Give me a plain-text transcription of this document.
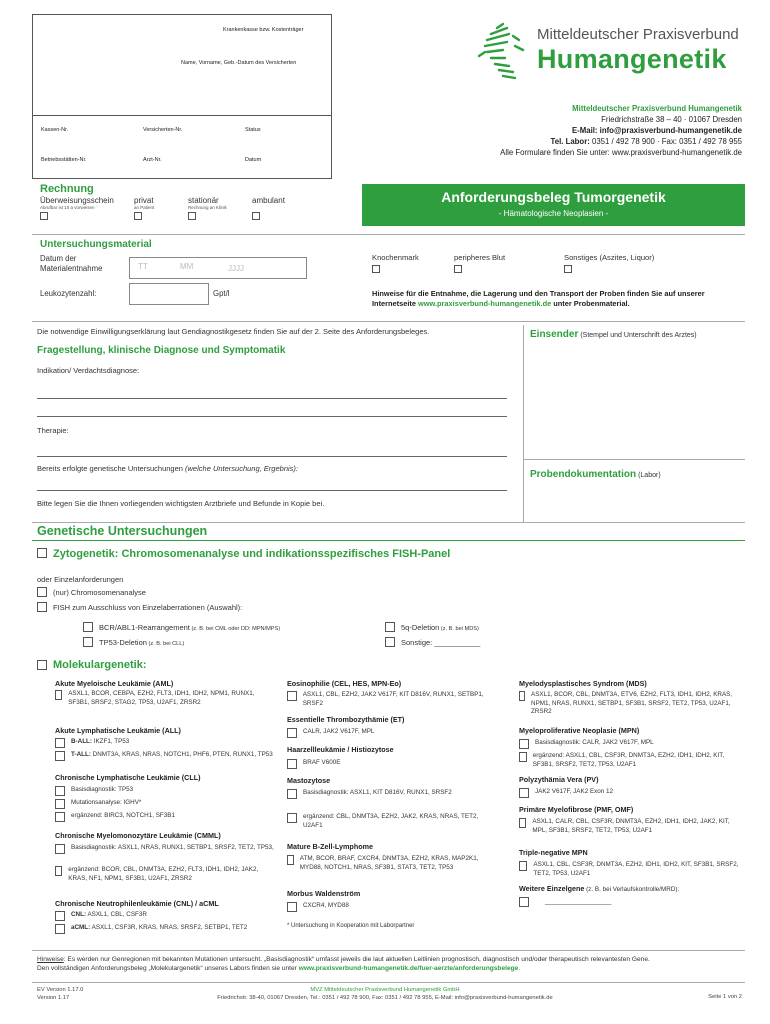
Krankenkasse bzw. Kostenträger
Name, Vorname, Geb.-Datum des Versicherten
Kassen-Nr.	Versicherten-Nr.	Status
Betriebsstätten-Nr.	Arzt-Nr.	Datum
Mitteldeutscher Praxisverbund
Humangenetik
Mitteldeutscher Praxisverbund Humangenetik
Friedrichstraße 38 – 40 · 01067 Dresden
E-Mail: info@praxisverbund-humangenetik.de
Tel. Labor: 0351 / 492 78 900 · Fax: 0351 / 492 78 955
Alle Formulare finden Sie unter: www.praxisverbund-humangenetik.de
Rechnung
Überweisungsschein
Abrufbar ist 10 a vorweisen
privat
an Patient
stationär
Rechnung an Klinik
ambulant	Anforderungsbeleg Tumorgenetik
- Hämatologische Neoplasien -
Untersuchungsmaterial
Datum der
Materialentnahme	TT	MM	JJJJ
Leukozytenzahl:	Gpt/l
Knochenmark	peripheres Blut	Sonstiges (Aszites, Liquor)
Hinweise für die Entnahme, die Lagerung und den Transport der Proben finden Sie auf unserer Internetseite www.praxisverbund-humangenetik.de unter Probenmaterial.
Die notwendige Einwilligungserklärung laut Gendiagnostikgesetz finden Sie auf der 2. Seite des Anforderungsbeleges.	Einsender (Stempel und Unterschrift des Arztes)
Probendokumentation (Labor)
Fragestellung, klinische Diagnose und Symptomatik
Indikation/ Verdachtsdiagnose:
Therapie:
Bereits erfolgte genetische Untersuchungen (welche Untersuchung, Ergebnis):
Bitte legen Sie die Ihnen vorliegenden wichtigsten Arztbriefe und Befunde in Kopie bei.
Genetische Untersuchungen
Zytogenetik: Chromosomenanalyse und indikationsspezifisches FISH-Panel
oder Einzelanforderungen
(nur) Chromosomenanalyse
FISH zum Ausschluss von Einzelaberrationen (Auswahl):
BCR/ABL1-Rearrangement (z. B. bei CML oder DD: MPN/MPS)
TP53-Deletion (z. B. bei CLL)
5q-Deletion (z. B. bei MDS)
Sonstige: ___________
Molekulargenetik:
Akute Myeloische Leukämie (AML)
ASXL1, BCOR, CEBPA, EZH2, FLT3, IDH1, IDH2, NPM1, RUNX1, SF3B1, SRSF2, STAG2, TP53, U2AF1, ZRSR2
Akute Lymphatische Leukämie (ALL)
B-ALL: IKZF1, TP53
T-ALL: DNMT3A, KRAS, NRAS, NOTCH1, PHF6, PTEN, RUNX1, TP53
Chronische Lymphatische Leukämie (CLL)
Basisdiagnostik: TP53
Mutationsanalyse: IGHV*
ergänzend: BIRC3, NOTCH1, SF3B1
Chronische Myelomonozytäre Leukämie (CMML)
Basisdiagnostik: ASXL1, NRAS, RUNX1, SETBP1, SRSF2, TET2, TP53,
ergänzend: BCOR, CBL, DNMT3A, EZH2, FLT3, IDH1, IDH2, JAK2, KRAS, NF1, NPM1, SF3B1, U2AF1, ZRSR2
Chronische Neutrophilenleukämie (CNL) / aCML
CNL: ASXL1, CBL, CSF3R
aCML: ASXL1, CSF3R, KRAS, NRAS, SRSF2, SETBP1, TET2
Eosinophilie (CEL, HES, MPN-Eo)
ASXL1, CBL, EZH2, JAK2 V617F, KIT D816V, RUNX1, SETBP1, SRSF2
Essentielle Thrombozythämie (ET)
CALR, JAK2 V617F, MPL
Haarzellleukämie / Histiozytose
BRAF V600E
Mastozytose
Basisdiagnostik: ASXL1, KIT D816V, RUNX1, SRSF2
ergänzend: CBL, DNMT3A, EZH2, JAK2, KRAS, NRAS, TET2, U2AF1
Mature B-Zell-Lymphome
ATM, BCOR, BRAF, CXCR4, DNMT3A, EZH2, KRAS, MAP2K1, MYD88, NOTCH1, NRAS, SF3B1, STAT3, TET2, TP53
Morbus Waldenström
CXCR4, MYD88
* Untersuchung in Kooperation mit Laborpartner
Myelodysplastisches Syndrom (MDS)
ASXL1, BCOR, CBL, DNMT3A, ETV6, EZH2, FLT3, IDH1, IDH2, KRAS, NPM1, NRAS, RUNX1, SETBP1, SF3B1, SRSF2, TET2, TP53, U2AF1, ZRSR2
Myeloproliferative Neoplasie (MPN)
Basisdiagnostik: CALR, JAK2 V617F, MPL
ergänzend: ASXL1, CBL, CSF3R, DNMT3A, EZH2, IDH1, IDH2, KIT, SF3B1, SRSF2, TET2, TP53, U2AF1
Polyzythämia Vera (PV)
JAK2 V617F, JAK2 Exon 12
Primäre Myelofibrose (PMF, OMF)
ASXL1, CALR, CBL, CSF3R, DNMT3A, EZH2, IDH1, IDH2, JAK2, KIT, MPL, SF3B1, SRSF2, TET2, TP53, U2AF1
Triple-negative MPN
ASXL1, CBL, CSF3R, DNMT3A, EZH2, IDH1, IDH2, KIT, SF3B1, SRSF2, TET2, TP53, U2AF1
Weitere Einzelgene (z. B. bei Verlaufskontrolle/MRD):
___________________
Hinweise: Es werden nur Genregionen mit bekannten Mutationen untersucht. „Basisdiagnostik“ umfasst jeweils die laut aktuellen Leitlinien prognostisch, diagnostisch und/oder therapeutisch relevantesten Gene.
Den vollständigen Anforderungsbeleg „Molekulargenetik“ unseres Labors finden sie unter www.praxisverbund-humangenetik.de/fuer-aerzte/anforderungsbelege.
EV Version 1.17.0
Version 1.17
MVZ Mitteldeutscher Praxisverbund Humangenetik GmbH
Friedrichstr. 38-40, 01067 Dresden, Tel.: 0351 / 492 78 900, Fax: 0351 / 492 78 955, E-Mail: info@praxisverbund-humangenetik.de	Seite 1 von 2
